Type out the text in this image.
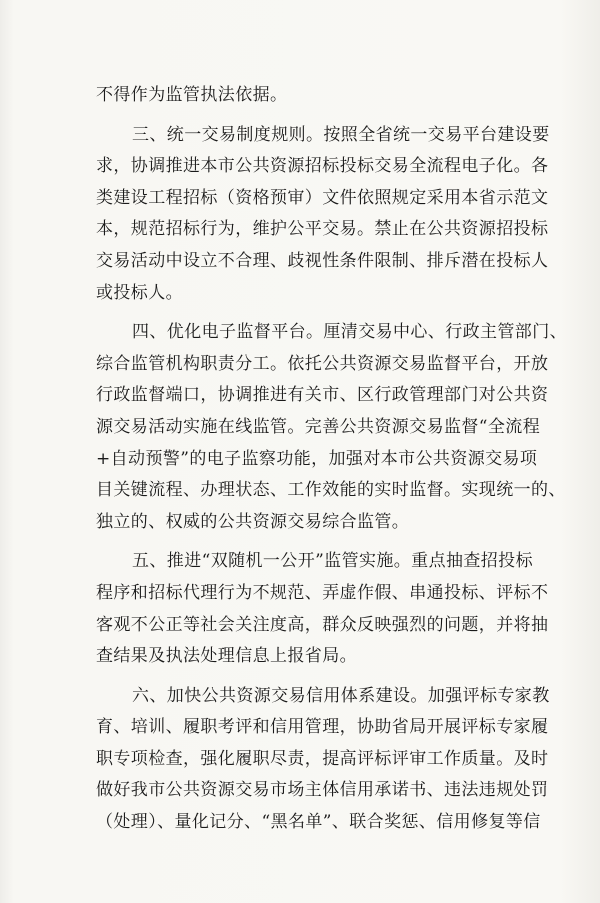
不得作为监管执法依据。
三、统一交易制度规则。按照全省统一交易平台建设要
求，协调推进本市公共资源招标投标交易全流程电子化。各
类建设工程招标（资格预审）文件依照规定采用本省示范文
本，规范招标行为，维护公平交易。禁止在公共资源招投标
交易活动中设立不合理、歧视性条件限制、排斥潜在投标人
或投标人。
四、优化电子监督平台。厘清交易中心、行政主管部门、
综合监管机构职责分工。依托公共资源交易监督平台，开放
行政监督端口，协调推进有关市、区行政管理部门对公共资
源交易活动实施在线监管。完善公共资源交易监督“全流程
+自动预警”的电子监察功能，加强对本市公共资源交易项
目关键流程、办理状态、工作效能的实时监督。实现统一的、
独立的、权威的公共资源交易综合监管。
五、推进“双随机一公开”监管实施。重点抽查招投标
程序和招标代理行为不规范、弄虚作假、串通投标、评标不
客观不公正等社会关注度高，群众反映强烈的问题，并将抽
查结果及执法处理信息上报省局。
六、加快公共资源交易信用体系建设。加强评标专家教
育、培训、履职考评和信用管理，协助省局开展评标专家履
职专项检查，强化履职尽责，提高评标评审工作质量。及时
做好我市公共资源交易市场主体信用承诺书、违法违规处罚
（处理）、量化记分、“黑名单”、联合奖惩、信用修复等信
